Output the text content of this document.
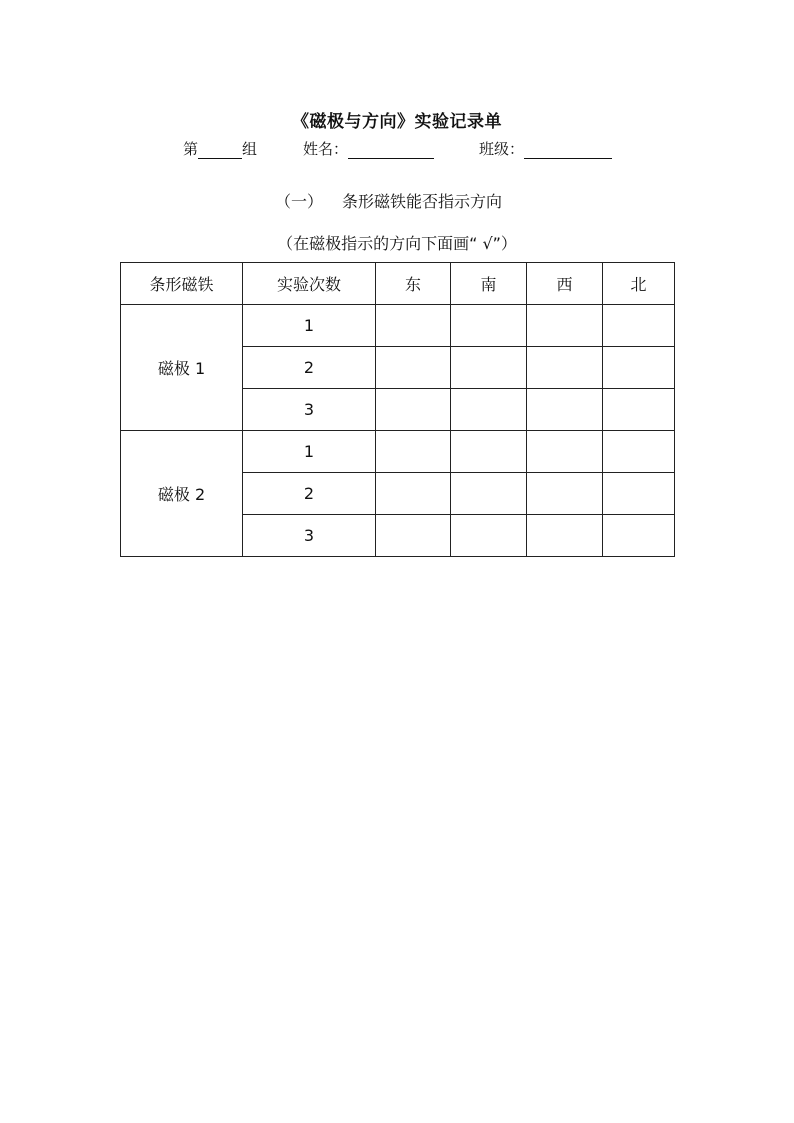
《磁极与方向》实验记录单
第	组	姓名：	班级：
（一） 条形磁铁能否指示方向
（在磁极指示的方向下面画“ √”）
条形磁铁	实验次数	东	南	西	北
磁极 1	1				
	2				
	3				
磁极 2	1				
	2				
	3				
